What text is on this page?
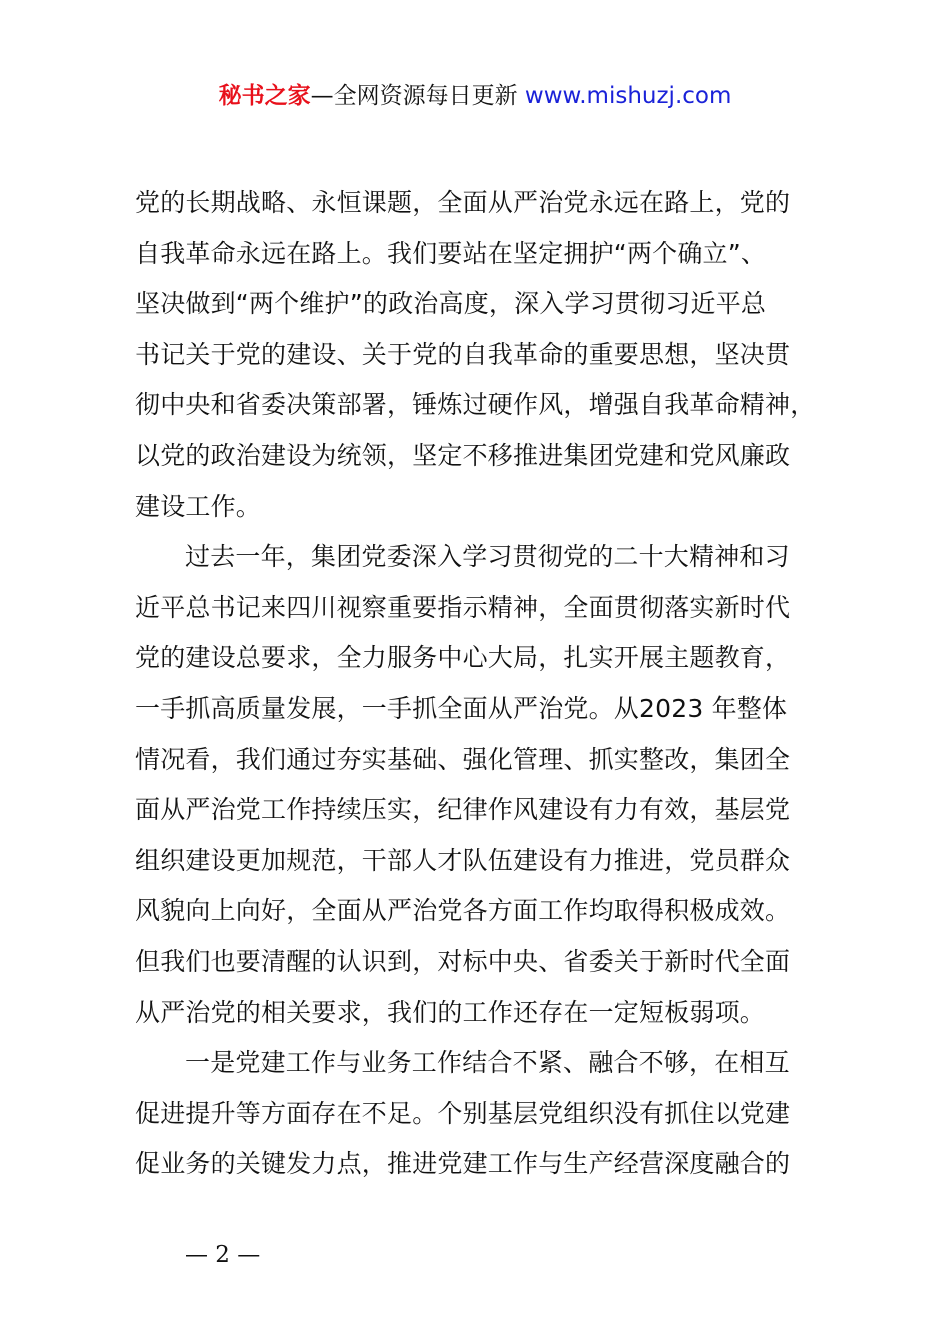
秘书之家—全网资源每日更新 www.mishuzj.com
党的长期战略、永恒课题，全面从严治党永远在路上，党的
自我革命永远在路上。我们要站在坚定拥护“两个确立”、
坚决做到“两个维护”的政治高度，深入学习贯彻习近平总
书记关于党的建设、关于党的自我革命的重要思想，坚决贯
彻中央和省委决策部署，锤炼过硬作风，增强自我革命精神，
以党的政治建设为统领，坚定不移推进集团党建和党风廉政
建设工作。
过去一年，集团党委深入学习贯彻党的二十大精神和习
近平总书记来四川视察重要指示精神，全面贯彻落实新时代
党的建设总要求，全力服务中心大局，扎实开展主题教育，
一手抓高质量发展，一手抓全面从严治党。从2023 年整体
情况看，我们通过夯实基础、强化管理、抓实整改，集团全
面从严治党工作持续压实，纪律作风建设有力有效，基层党
组织建设更加规范，干部人才队伍建设有力推进，党员群众
风貌向上向好，全面从严治党各方面工作均取得积极成效。
但我们也要清醒的认识到，对标中央、省委关于新时代全面
从严治党的相关要求，我们的工作还存在一定短板弱项。
一是党建工作与业务工作结合不紧、融合不够，在相互
促进提升等方面存在不足。个别基层党组织没有抓住以党建
促业务的关键发力点，推进党建工作与生产经营深度融合的
— 2 —
